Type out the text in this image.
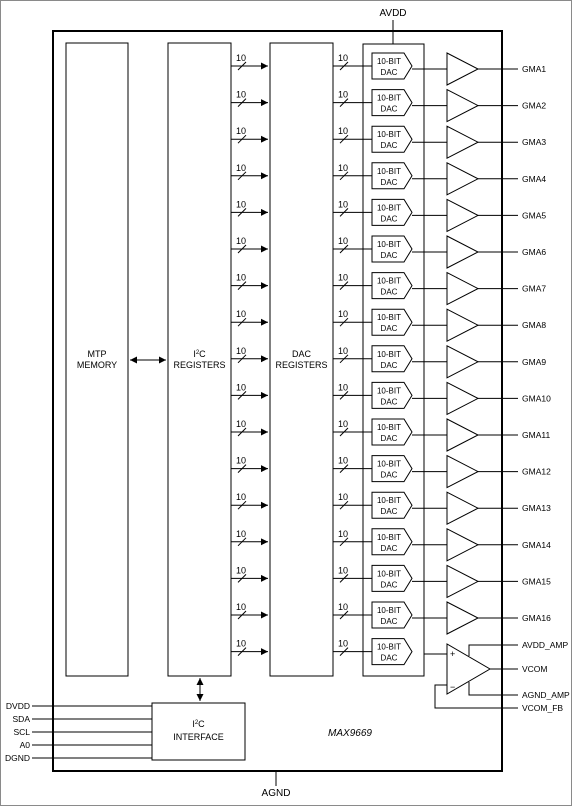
AVDD
AGND
MTP
MEMORY
$I^2C$
REGISTERS
DAC
REGISTERS
$I^2C$
INTERFACE	MAX9669
+
−
10	10	10-BIT
DAC	GMA1
10	10	10-BIT
DAC	GMA2
10	10	10-BIT
DAC	GMA3
10	10	10-BIT
DAC	GMA4
10	10	10-BIT
DAC	GMA5
10	10	10-BIT
DAC	GMA6
10	10	10-BIT
DAC	GMA7
10	10	10-BIT
DAC	GMA8
10	10	10-BIT
DAC	GMA9
10	10	10-BIT
DAC	GMA10
10	10	10-BIT
DAC	GMA11
10	10	10-BIT
DAC	GMA12
10	10	10-BIT
DAC	GMA13
10	10	10-BIT
DAC	GMA14
10	10	10-BIT
DAC	GMA15
10	10	10-BIT
DAC	GMA16
10	10	10-BIT
DAC
DVDD
SDA
SCL
A0
DGND
AVDD_AMP
VCOM
AGND_AMP
VCOM_FB
